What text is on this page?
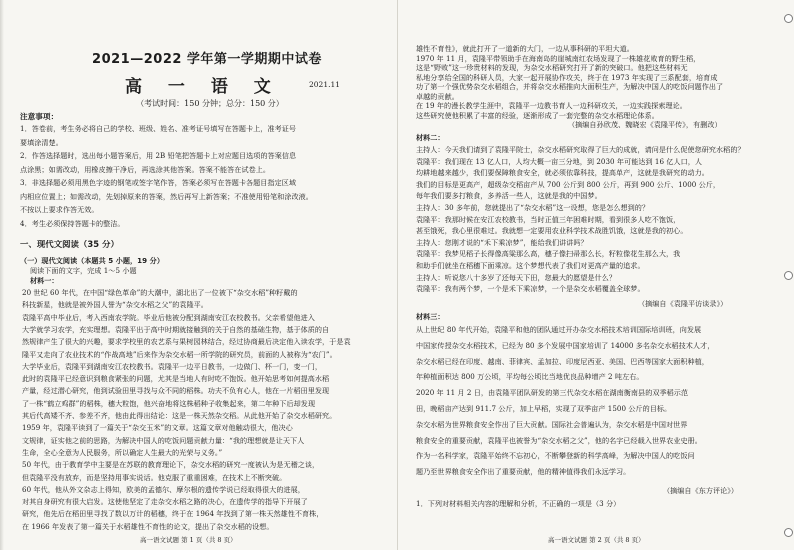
2021—2022 学年第一学期期中试卷
高 一 语 文	2021.11
（考试时间：150 分钟；总分：150 分）
注意事项：
1．答卷前，考生务必将自己的学校、班级、姓名、准考证号填写在答题卡上，准考证号
要填涂清楚。
2．作答选择题时，选出每小题答案后，用 2B 铅笔把答题卡上对应题目选项的答案信息
点涂黑；如需改动，用橡皮擦干净后，再选涂其他答案。答案不能答在试卷上。
3．非选择题必须用黑色字迹的钢笔或签字笔作答，答案必须写在答题卡各题目指定区域
内相应位置上；如需改动，先划掉原来的答案，然后再写上新答案；不准使用铅笔和涂改液。
不按以上要求作答无效。
4．考生必须保持答题卡的整洁。
一、现代文阅读（35 分）
（一）现代文阅读（本题共 5 小题，19 分）
阅读下面的文字，完成 1～5 小题
材料一：
20 世纪 60 年代，在中国“绿色革命”的大潮中，湖北出了一位被下“杂交水稻”种籽戴的
科技新星，他就是被外国人誉为“杂交水稻之父”的袁隆平。
袁隆平高中毕业后，考入西南农学院。毕业后他被分配到湖南安江农校教书。父亲希望他进入
大学就学习农学，充实理想。袁隆平出于高中时期就接触到的关于自然的基础生物，基于体质的自
然规律产生了很大的兴趣，要求学校里的农艺系与果树园林结合，经过协商最后决定他入读农学，于是袁
隆平又走向了农业技术的“作战高地”后来作为杂交水稻一所学院的研究员，前面的人被称为“农门”。
大学毕业后，袁隆平到湖南安江农校教书。袁隆平一边平日教书，一边做门、杯一门，变一门，
此时的袁隆平已经意识到粮食紧张的问题，尤其是当地人有时吃不饱饭。他开始思考如何提高水稻
产量，经过潜心研究，他到试验田里寻找与众不同的稻株。功夫不负有心人，他在一片稻田里发现
了一株“鹤立鸡群”的稻株，穗大粒饱，他兴奋地将这株稻种子收集起来，第二年种下后却发现
其后代高矮不齐、参差不齐，他由此得出结论：这是一株天然杂交稻。从此他开始了杂交水稻研究。
1959 年，袁隆平读到了一篇关于“杂交玉米”的文章。这篇文章对他触动很大，他决心
文规律，证实他之前的思路，为解决中国人的吃饭问题贡献力量：“我的理想就是让天下人
生命，全心全意为人民服务，所以确定人生最大的光荣与义务。”
50 年代，由于教育学中主要是在苏联的教育理论下，杂交水稻的研究一度被认为是无稽之谈，
但袁隆平没有放弃，而是坚持用事实说话。他克服了重重困难，在技术上不断突破。
60 年代，他从外文杂志上得知，欧美的孟德尔、摩尔根的遗传学说已经取得很大的进展，
对其自身研究有很大启发。这使他坚定了走杂交水稻之路的决心，在遗传学的指导下开展了
研究，他先后在稻田里寻找了数以万计的稻穗，终于在 1964 年找到了第一株天然雄性不育株，
在 1966 年发表了第一篇关于水稻雄性不育性的论文，提出了杂交水稻的设想。
高一语文试题 第 1 页（共 8 页）
雄性不育性》，就此打开了一道新的大门，一边从事科研的平坦大道。
1970 年 11 月，袁隆平带领助手在海南岛的崖城南红农场发现了一株雄花败育的野生稻，
这是“野败”这一珍贵材料的发现，为杂交水稻研究打开了新的突破口。他把这些材料无
私地分享给全国的科研人员，大家一起开展协作攻关，终于在 1973 年实现了三系配套，培育成
功了第一个强优势杂交水稻组合，并将杂交水稻推向大面积生产，为解决中国人的吃饭问题作出了
卓越的贡献。
在 19 年的漫长教学生涯中，袁隆平一边教书育人一边科研攻关，一边实践探索理论。
这些研究使他积累了丰富的经验，逐渐形成了一套完整的杂交水稻理论体系。
（摘编自孙欣茂、魏晓宏《袁隆平传》，有删改）
材料二：
主持人：今天我们请到了袁隆平院士，杂交水稻研究取得了巨大的成就，请问是什么促使您研究水稻的？
袁隆平：我们现在 13 亿人口，人均大概一亩三分地，到 2030 年可能达到 16 亿人口，人
均耕地越来越少，我们要保障粮食安全，就必须依靠科技，提高单产，这就是我研究的动力。
我们的目标是更高产，超级杂交稻亩产从 700 公斤到 800 公斤，再到 900 公斤、1000 公斤，
每年我们要多打粮食，多养活一些人，这就是我的中国梦。
主持人：30 多年前，您就提出了“杂交水稻”这一设想，您是怎么想到的？
袁隆平：我那时候在安江农校教书，当时正值三年困难时期，看到很多人吃不饱饭，
甚至饿死，我心里很难过。我就想一定要用农业科学技术战胜饥饿，这就是我的初心。
主持人：您刚才说的“禾下乘凉梦”，能给我们讲讲吗？
袁隆平：我梦见稻子长得像高粱那么高，穗子像扫帚那么长，籽粒像花生那么大，我
和助手们就坐在稻穗下面乘凉。这个梦想代表了我们对更高产量的追求。
主持人：听说您八十多岁了还每天下田，您最大的愿望是什么？
袁隆平：我有两个梦，一个是禾下乘凉梦，一个是杂交水稻覆盖全球梦。
（摘编自《袁隆平访谈录》）
材料三：
从上世纪 80 年代开始，袁隆平和他的团队通过开办杂交水稻技术培训国际培训班，向发展
中国家传授杂交水稻技术，已经为 80 多个发展中国家培训了 14000 多名杂交水稻技术人才，
杂交水稻已经在印度、越南、菲律宾、孟加拉、印度尼西亚、美国、巴西等国家大面积种植，
年种植面积达 800 万公顷，平均每公顷比当地优良品种增产 2 吨左右。
2020 年 11 月 2 日，由袁隆平团队研发的第三代杂交水稻在湖南衡南县的双季稻示范
田，晚稻亩产达到 911.7 公斤，加上早稻，实现了双季亩产 1500 公斤的目标。
杂交水稻为世界粮食安全作出了巨大贡献。国际社会普遍认为，杂交水稻是中国对世界
粮食安全的重要贡献，袁隆平也被誉为“杂交水稻之父”，他的名字已经载入世界农业史册。
作为一名科学家，袁隆平始终不忘初心，不断攀登新的科学高峰，为解决中国人的吃饭问
题乃至世界粮食安全作出了重要贡献，他的精神值得我们永远学习。
（摘编自《东方评论》）
1．下列对材料相关内容的理解和分析，不正确的一项是（3 分）
高一语文试题 第 2 页（共 8 页）
